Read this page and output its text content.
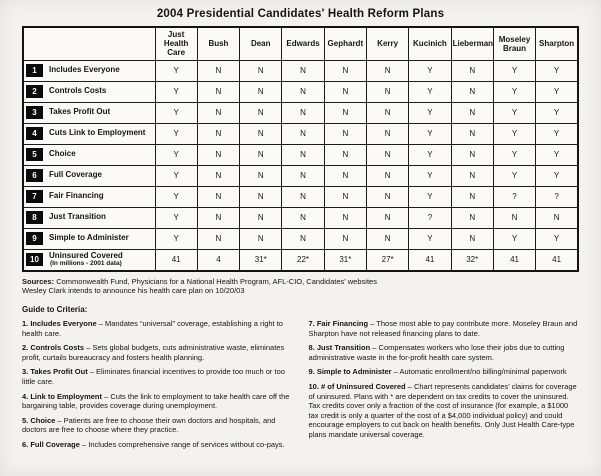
2004 Presidential Candidates' Health Reform Plans
	Just Health Care	Bush	Dean	Edwards	Gephardt	Kerry	Kucinich	Lieberman	Moseley Braun	Sharpton

1 Includes Everyone	Y	N	N	N	N	N	Y	N	Y	Y

2 Controls Costs	Y	N	N	N	N	N	Y	N	Y	Y

3 Takes Profit Out	Y	N	N	N	N	N	Y	N	Y	Y

4 Cuts Link to Employment	Y	N	N	N	N	N	Y	N	Y	Y

5 Choice	Y	N	N	N	N	N	Y	N	Y	Y

6 Full Coverage	Y	N	N	N	N	N	Y	N	Y	Y

7 Fair Financing	Y	N	N	N	N	N	Y	N	?	?

8 Just Transition	Y	N	N	N	N	N	?	N	N	N

9 Simple to Administer	Y	N	N	N	N	N	Y	N	Y	Y

10 Uninsured Covered
(In millions - 2001 data)	41	4	31*	22*	31*	27*	41	32*	41	41
Sources: Commonwealth Fund, Physicians for a National Health Program, AFL-CIO, Candidates' websites
Wesley Clark intends to announce his health care plan on 10/20/03
Guide to Criteria:

1. Includes Everyone – Mandates “universal” coverage, establishing a right to health care.

2. Controls Costs – Sets global budgets, cuts administrative waste, eliminates profit, curtails bureaucracy and fosters health planning.

3. Takes Profit Out – Eliminates financial incentives to provide too much or too little care.

4. Link to Employment – Cuts the link to employment to take health care off the bargaining table, provides coverage during unemployment.

5. Choice – Patients are free to choose their own doctors and hospitals, and doctors are free to choose where they practice.

6. Full Coverage – Includes comprehensive range of services without co-pays.

7. Fair Financing – Those most able to pay contribute more. Moseley Braun and Sharpton have not released financing plans to date.

8. Just Transition – Compensates workers who lose their jobs due to cutting administrative waste in the for-profit health care system.

9. Simple to Administer – Automatic enrollment/no billing/minimal paperwork

10. # of Uninsured Covered – Chart represents candidates’ claims for coverage of uninsured. Plans with * are dependent on tax credits to cover the uninsured. Tax credits cover only a fraction of the cost of insurance (for example, a $1000 tax credit is only a quarter of the cost of a $4,000 individual policy) and could encourage employers to cut back on health benefits. Only Just Health Care-type plans mandate universal coverage.
